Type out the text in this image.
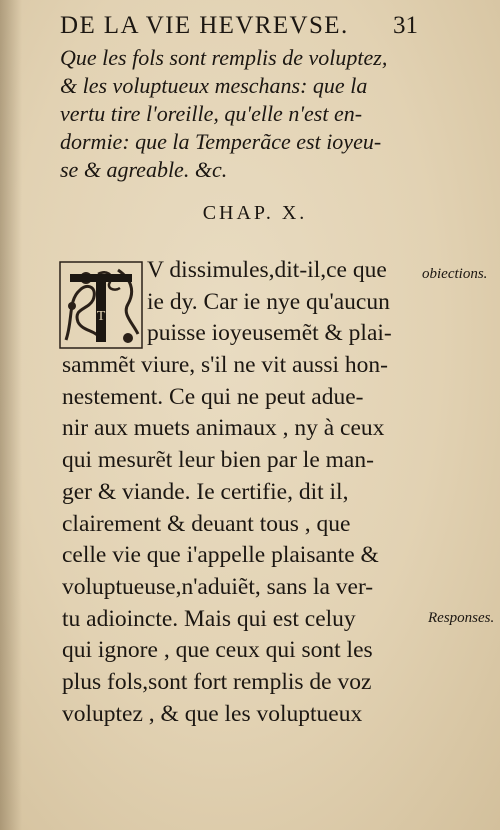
DE LA VIE HEVREVSE. 31
Que les fols sont remplis de voluptez,
& les voluptueux meschans: que la
vertu tire l'oreille, qu'elle n'est en-
dormie: que la Temperãce est ioyeu-
se & agreable. &c.
CHAP. X.
T
V dissimules,dit-il,ce que
ie dy. Car ie nye qu'aucun
puisse ioyeusemẽt & plai-
sammẽt viure, s'il ne vit aussi hon-
nestement. Ce qui ne peut adue-
nir aux muets animaux , ny à ceux
qui mesurẽt leur bien par le man-
ger & viande. Ie certifie, dit il,
clairement & deuant tous , que
celle vie que i'appelle plaisante &
voluptueuse,n'aduiẽt, sans la ver-
tu adioincte. Mais qui est celuy
qui ignore , que ceux qui sont les
plus fols,sont fort remplis de voz
voluptez , & que les voluptueux
obiections.
Responses.
